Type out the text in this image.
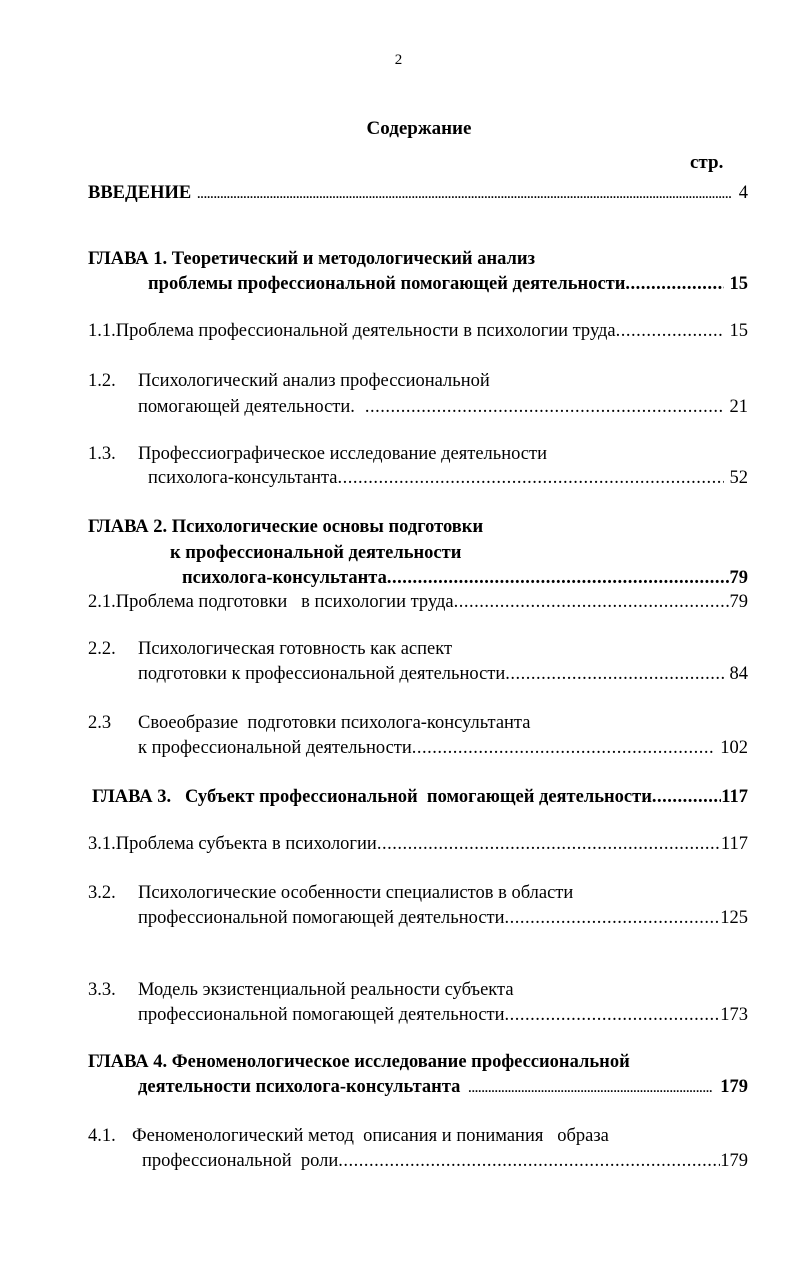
2
Содержание
стр.
ВВЕДЕНИЕ .....	4
ГЛАВА 1. Теоретический и методологический анализ
проблемы профессиональной помогающей деятельности .....	15
1.1. Проблема профессиональной деятельности в психологии труда .....	15
1.2. Психологический анализ профессиональной
помогающей деятельности. .....	21
1.3. Профессиографическое исследование деятельности
психолога-консультанта .....	52
ГЛАВА 2. Психологические основы подготовки
к профессиональной деятельности
психолога-консультанта .....	79
2.1. Проблема подготовки   в психологии труда .....	79
2.2. Психологическая готовность как аспект
подготовки к профессиональной деятельности .....	84
2.3 Своеобразие  подготовки психолога-консультанта
к профессиональной деятельности .....	102
ГЛАВА 3.   Субъект профессиональной  помогающей деятельности .....	117
3.1. Проблема субъекта в психологии .....	117
3.2. Психологические особенности специалистов в области
профессиональной помогающей деятельности .....	125
3.3. Модель экзистенциальной реальности субъекта
профессиональной помогающей деятельности .....	173
ГЛАВА 4. Феноменологическое исследование профессиональной
деятельности психолога-консультанта .....	179
4.1. Феноменологический метод  описания и понимания   образа
профессиональной  роли .....	179
